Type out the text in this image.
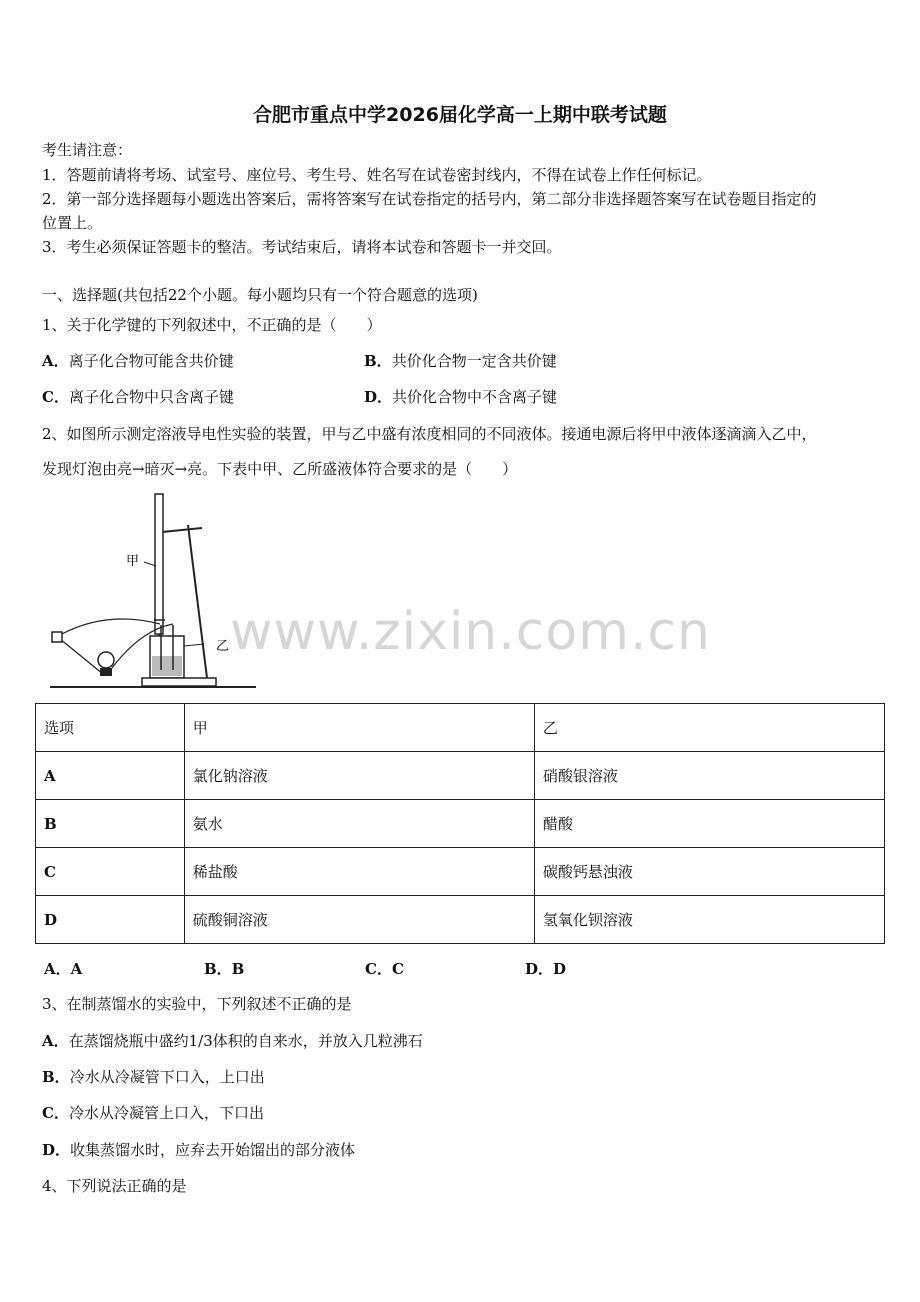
合肥市重点中学2026届化学高一上期中联考试题
考生请注意：
1．答题前请将考场、试室号、座位号、考生号、姓名写在试卷密封线内，不得在试卷上作任何标记。
2．第一部分选择题每小题选出答案后，需将答案写在试卷指定的括号内，第二部分非选择题答案写在试卷题目指定的
位置上。
3．考生必须保证答题卡的整洁。考试结束后，请将本试卷和答题卡一并交回。
一、选择题(共包括22个小题。每小题均只有一个符合题意的选项)
1、关于化学键的下列叙述中，不正确的是（　　）
A．离子化合物可能含共价键	B．共价化合物一定含共价键
C．离子化合物中只含离子键	D．共价化合物中不含离子键
2、如图所示测定溶液导电性实验的装置，甲与乙中盛有浓度相同的不同液体。接通电源后将甲中液体逐滴滴入乙中，
发现灯泡由亮→暗灭→亮。下表中甲、乙所盛液体符合要求的是（　　）
甲
乙 www.zixin.com.cn
选项	甲	乙
A	氯化钠溶液	硝酸银溶液
B	氨水	醋酸
C	稀盐酸	碳酸钙悬浊液
D	硫酸铜溶液	氢氧化钡溶液
A．A	B．B	C．C	D．D
3、在制蒸馏水的实验中，下列叙述不正确的是
A．在蒸馏烧瓶中盛约1/3体积的自来水，并放入几粒沸石
B．冷水从冷凝管下口入，上口出
C．冷水从冷凝管上口入，下口出
D．收集蒸馏水时，应弃去开始馏出的部分液体
4、下列说法正确的是
